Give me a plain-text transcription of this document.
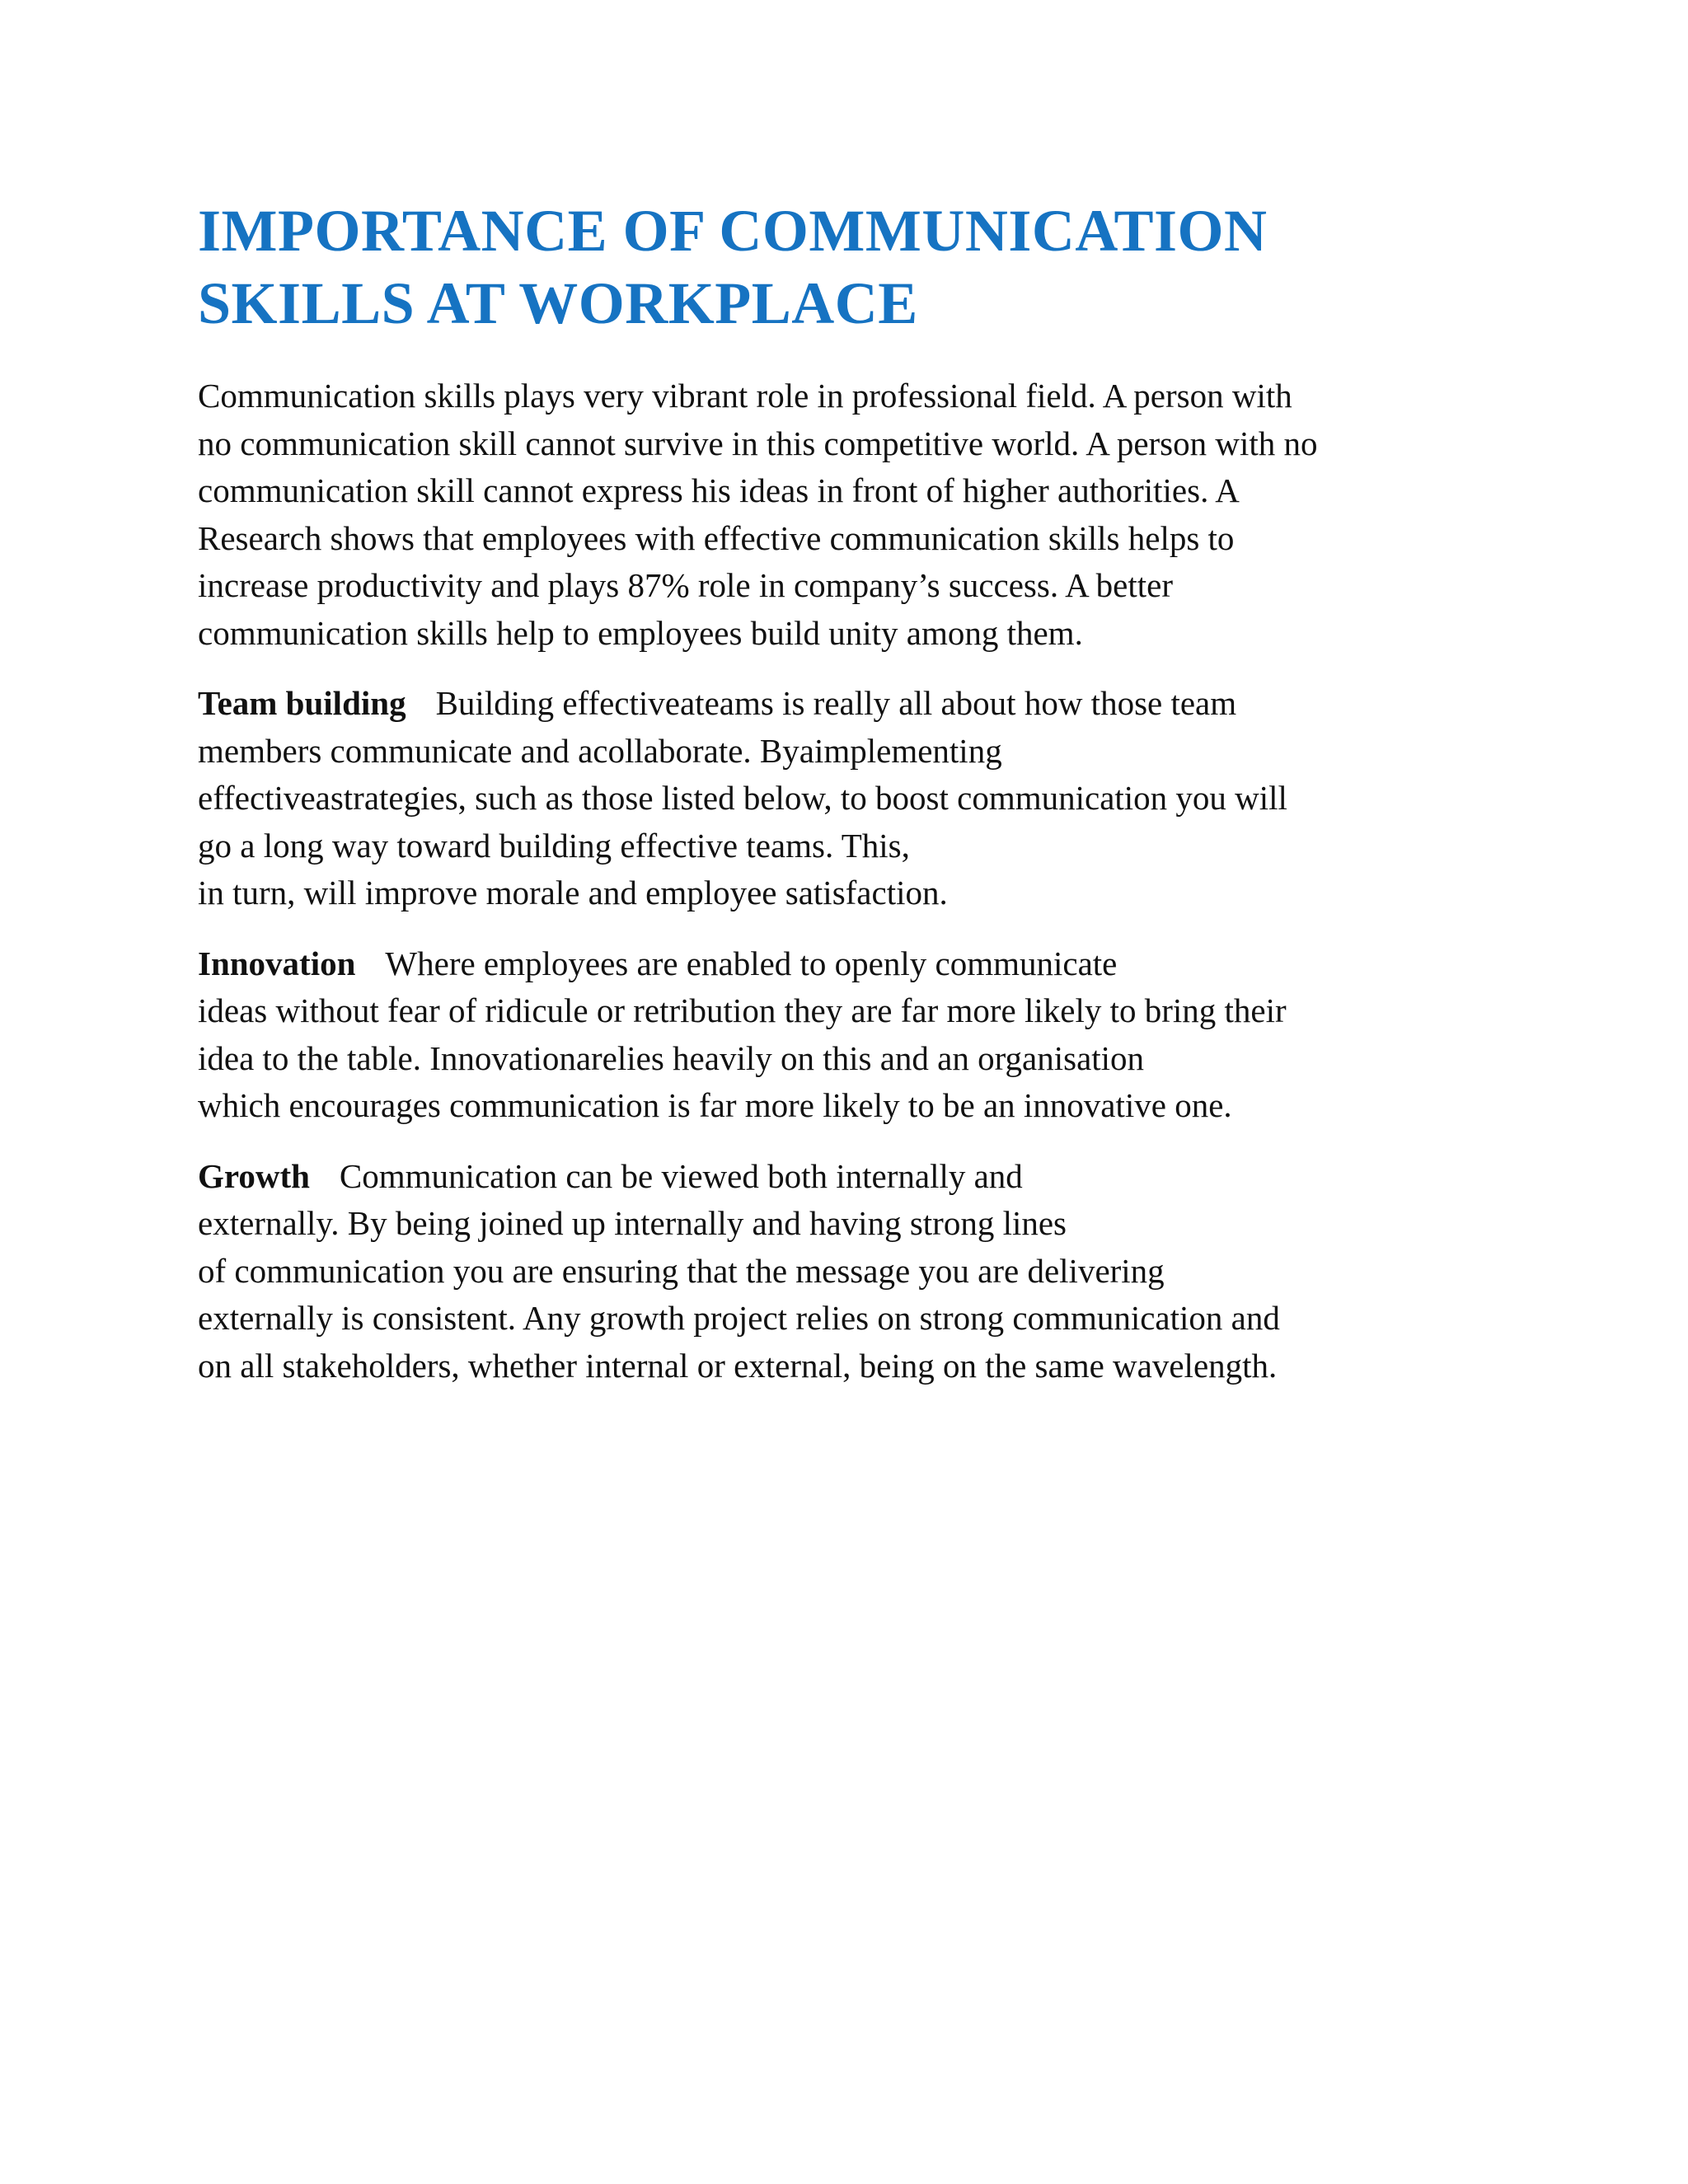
IMPORTANCE OF COMMUNICATION
SKILLS AT WORKPLACE

Communication skills plays very vibrant role in professional field. A person with
no communication skill cannot survive in this competitive world. A person with no
communication skill cannot express his ideas in front of higher authorities. A
Research shows that employees with effective communication skills helps to
increase productivity and plays 87% role in company’s success. A better
communication skills help to employees build unity among them.

Team building Building effectiveateams is really all about how those team
members communicate and acollaborate. Byaimplementing
effectiveastrategies, such as those listed below, to boost communication you will
go a long way toward building effective teams. This,
in turn, will improve morale and employee satisfaction.

Innovation Where employees are enabled to openly communicate
ideas without fear of ridicule or retribution they are far more likely to bring their
idea to the table. Innovationarelies heavily on this and an organisation
which encourages communication is far more likely to be an innovative one.

Growth Communication can be viewed both internally and
externally. By being joined up internally and having strong lines
of communication you are ensuring that the message you are delivering
externally is consistent. Any growth project relies on strong communication and
on all stakeholders, whether internal or external, being on the same wavelength.
